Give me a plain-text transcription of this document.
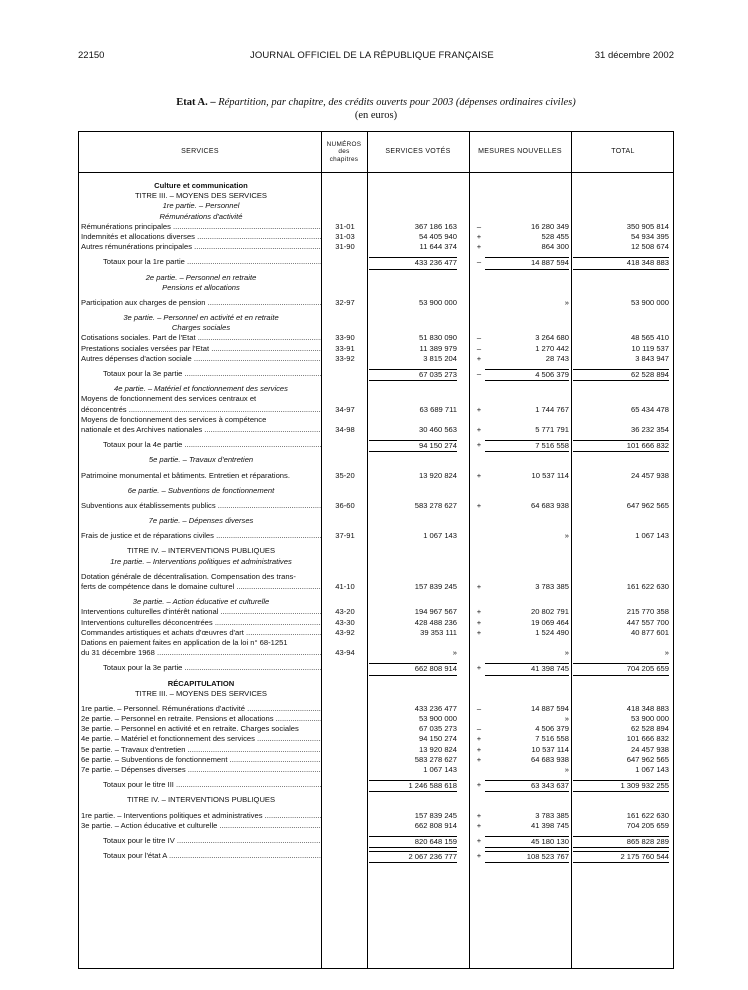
22150	JOURNAL OFFICIEL DE LA RÉPUBLIQUE FRANÇAISE	31 décembre 2002
Etat A. – Répartition, par chapitre, des crédits ouverts pour 2003 (dépenses ordinaires civiles)
(en euros)
SERVICES
NUMÉROS des chapitres
SERVICES VOTÉS	MESURES NOUVELLES	TOTAL
Culture et communication
TITRE III. – MOYENS DES SERVICES
1re partie. – Personnel
Rémunérations d'activité
Rémunérations principales .....	31-01	367 186 163	–	16 280 349	350 905 814
Indemnités et allocations diverses .....	31-03	54 405 940	+	528 455	54 934 395
Autres rémunérations principales .....	31-90	11 644 374	+	864 300	12 508 674
Totaux pour la 1re partie .....	433 236 477	–	14 887 594	418 348 883
2e partie. – Personnel en retraite
Pensions et allocations
Participation aux charges de pension .....	32-97	53 900 000	»	53 900 000
3e partie. – Personnel en activité et en retraite
Charges sociales
Cotisations sociales. Part de l'Etat .....	33-90	51 830 090	–	3 264 680	48 565 410
Prestations sociales versées par l'Etat .....	33-91	11 389 979	–	1 270 442	10 119 537
Autres dépenses d'action sociale .....	33-92	3 815 204	+	28 743	3 843 947
Totaux pour la 3e partie .....	67 035 273	–	4 506 379	62 528 894
4e partie. – Matériel et fonctionnement des services
Moyens de fonctionnement des services centraux et
déconcentrés .....	34-97	63 689 711	+	1 744 767	65 434 478
Moyens de fonctionnement des services à compétence
nationale et des Archives nationales .....	34-98	30 460 563	+	5 771 791	36 232 354
Totaux pour la 4e partie .....	94 150 274	+	7 516 558	101 666 832
5e partie. – Travaux d'entretien
Patrimoine monumental et bâtiments. Entretien et réparations.	35-20	13 920 824	+	10 537 114	24 457 938
6e partie. – Subventions de fonctionnement
Subventions aux établissements publics .....	36-60	583 278 627	+	64 683 938	647 962 565
7e partie. – Dépenses diverses
Frais de justice et de réparations civiles .....	37-91	1 067 143	»	1 067 143
TITRE IV. – INTERVENTIONS PUBLIQUES
1re partie. – Interventions politiques et administratives
Dotation générale de décentralisation. Compensation des trans-
ferts de compétence dans le domaine culturel .....	41-10	157 839 245	+	3 783 385	161 622 630
3e partie. – Action éducative et culturelle
Interventions culturelles d'intérêt national .....	43-20	194 967 567	+	20 802 791	215 770 358
Interventions culturelles déconcentrées .....	43-30	428 488 236	+	19 069 464	447 557 700
Commandes artistiques et achats d'œuvres d'art .....	43-92	39 353 111	+	1 524 490	40 877 601
Dations en paiement faites en application de la loi n° 68-1251
du 31 décembre 1968 .....	43-94	»	»	»
Totaux pour la 3e partie .....	662 808 914	+	41 398 745	704 205 659
RÉCAPITULATION
TITRE III. – MOYENS DES SERVICES
1re partie. – Personnel. Rémunérations d'activité .....	433 236 477	–	14 887 594	418 348 883
2e partie. – Personnel en retraite. Pensions et allocations .....	53 900 000	»	53 900 000
3e partie. – Personnel en activité et en retraite. Charges sociales	67 035 273	–	4 506 379	62 528 894
4e partie. – Matériel et fonctionnement des services .....	94 150 274	+	7 516 558	101 666 832
5e partie. – Travaux d'entretien .....	13 920 824	+	10 537 114	24 457 938
6e partie. – Subventions de fonctionnement .....	583 278 627	+	64 683 938	647 962 565
7e partie. – Dépenses diverses .....	1 067 143	»	1 067 143
Totaux pour le titre III .....	1 246 588 618	+	63 343 637	1 309 932 255
TITRE IV. – INTERVENTIONS PUBLIQUES
1re partie. – Interventions politiques et administratives .....	157 839 245	+	3 783 385	161 622 630
3e partie. – Action éducative et culturelle .....	662 808 914	+	41 398 745	704 205 659
Totaux pour le titre IV .....	820 648 159	+	45 180 130	865 828 289
Totaux pour l'état A .....	2 067 236 777	+	108 523 767	2 175 760 544
